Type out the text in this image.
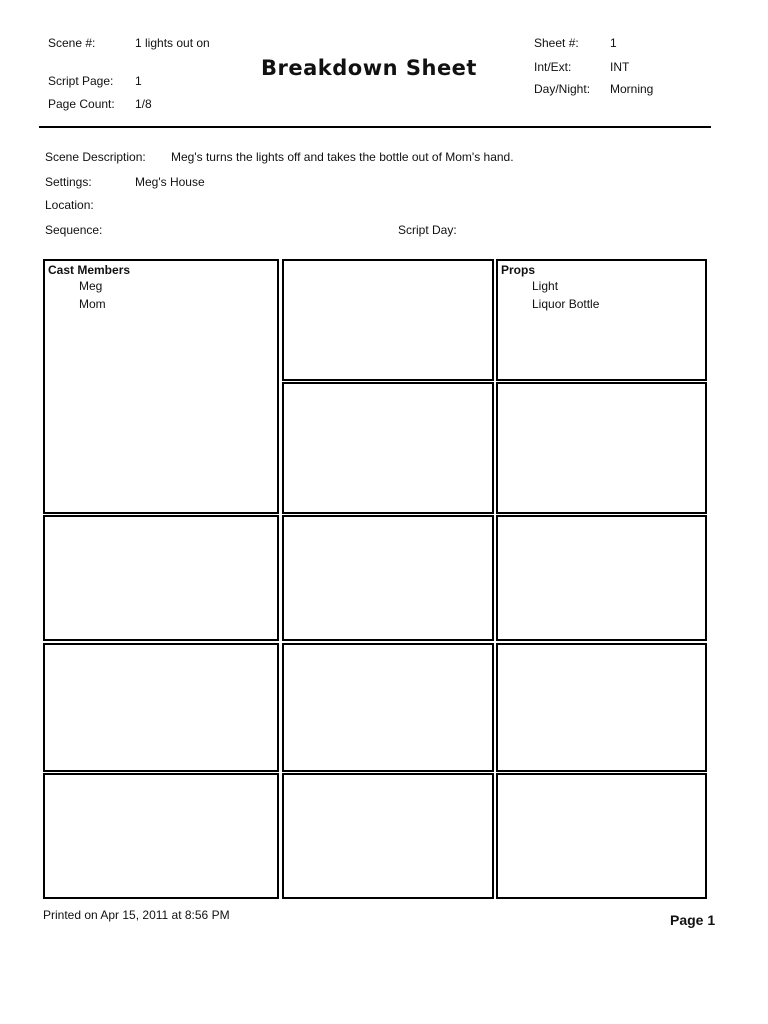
Scene #:	1 lights out on
Script Page: 1
Page Count: 1/8
Breakdown Sheet
Sheet #:	1
Int/Ext:	INT
Day/Night: Morning
Scene Description: Meg's turns the lights off and takes the bottle out of Mom's hand.
Settings:	Meg's House
Location:
Sequence:	Script Day:
Cast Members
Meg
Mom
Props
Light
Liquor Bottle
Printed on Apr 15, 2011 at 8:56 PM	Page 1
